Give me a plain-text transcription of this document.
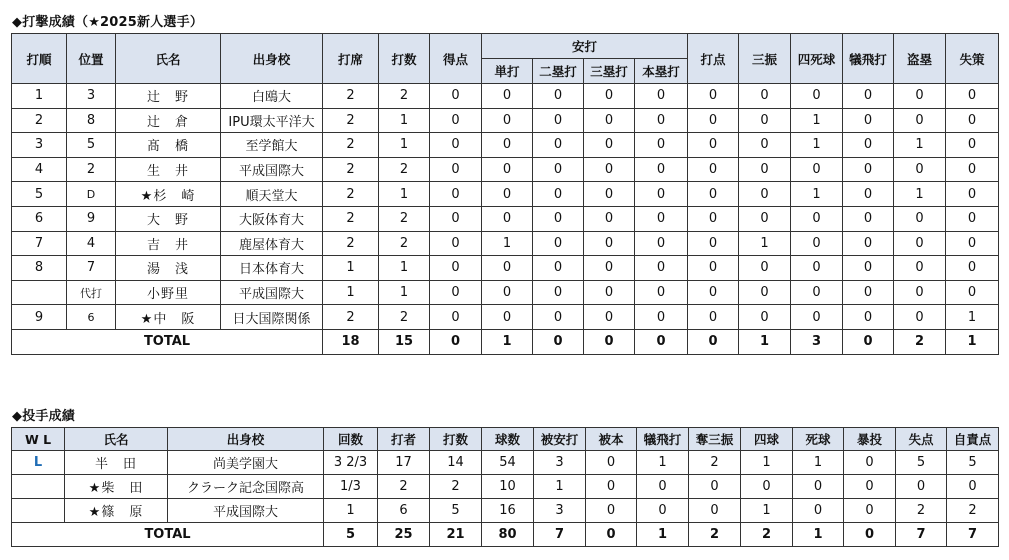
◆打撃成績（★2025新人選手）
打順	位置	氏名	出身校	打席	打数	得点	安打				打点	三振	四死球	犠飛打	盗塁	失策
							単打	二塁打	三塁打	本塁打						
1	3	辻　野	白鴎大	2	2	0	0	0	0	0	0	0	0	0	0	0
2	8	辻　倉	IPU環太平洋大	2	1	0	0	0	0	0	0	0	1	0	0	0
3	5	髙　橋	至学館大	2	1	0	0	0	0	0	0	0	1	0	1	0
4	2	生　井	平成国際大	2	2	0	0	0	0	0	0	0	0	0	0	0
5	D	★杉　崎	順天堂大	2	1	0	0	0	0	0	0	0	1	0	1	0
6	9	大　野	大阪体育大	2	2	0	0	0	0	0	0	0	0	0	0	0
7	4	吉　井	鹿屋体育大	2	2	0	1	0	0	0	0	1	0	0	0	0
8	7	湯　浅	日本体育大	1	1	0	0	0	0	0	0	0	0	0	0	0
	代打	小野里	平成国際大	1	1	0	0	0	0	0	0	0	0	0	0	0
9	6	★中　阪	日大国際関係	2	2	0	0	0	0	0	0	0	0	0	0	1
TOTAL				18	15	0	1	0	0	0	0	1	3	0	2	1
◆投手成績
W L	氏名	出身校	回数	打者	打数	球数	被安打	被本	犠飛打	奪三振	四球	死球	暴投	失点	自責点
L	半　田	尚美学園大	3 2/3	17	14	54	3	0	1	2	1	1	0	5	5
	★柴　田	クラーク記念国際高	1/3	2	2	10	1	0	0	0	0	0	0	0	0
	★篠　原	平成国際大	1	6	5	16	3	0	0	0	1	0	0	2	2
TOTAL			5	25	21	80	7	0	1	2	2	1	0	7	7
